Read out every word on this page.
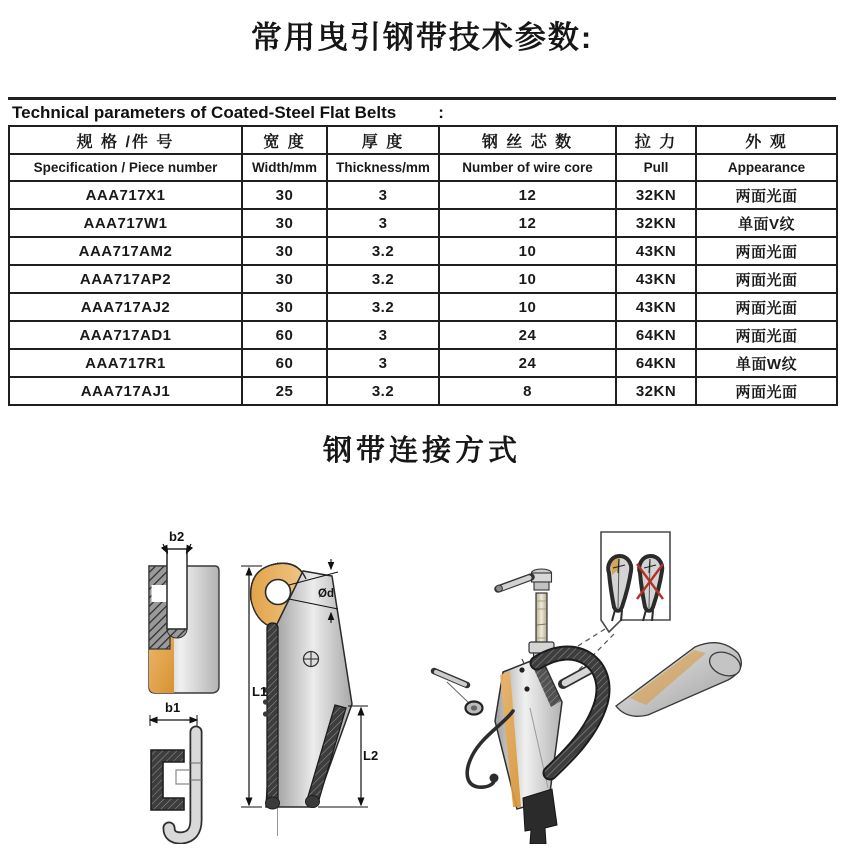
常用曳引钢带技术参数:
Technical parameters of Coated-Steel Flat Belts :
规 格 /件 号	宽 度	厚 度	钢 丝 芯 数	拉 力	外 观
Specification / Piece number	Width/mm	Thickness/mm	Number of wire core	Pull	Appearance
AAA717X1	30	3	12	32KN	两面光面
AAA717W1	30	3	12	32KN	单面V纹
AAA717AM2	30	3.2	10	43KN	两面光面
AAA717AP2	30	3.2	10	43KN	两面光面
AAA717AJ2	30	3.2	10	43KN	两面光面
AAA717AD1	60	3	24	64KN	两面光面
AAA717R1	60	3	24	64KN	单面W纹
AAA717AJ1	25	3.2	8	32KN	两面光面
钢带连接方式
b2
b1
L1
L2
Ød
